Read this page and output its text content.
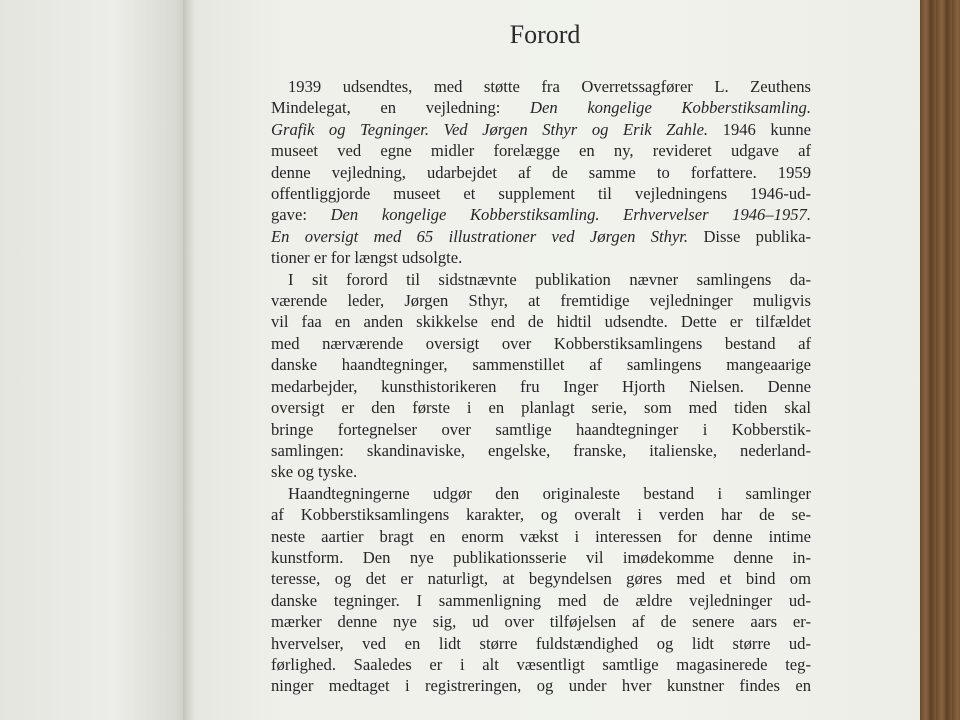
Forord
1939 udsendtes, med støtte fra Overretssagfører L. Zeuthens
Mindelegat, en vejledning: Den kongelige Kobberstiksamling.
Grafik og Tegninger. Ved Jørgen Sthyr og Erik Zahle. 1946 kunne
museet ved egne midler forelægge en ny, revideret udgave af
denne vejledning, udarbejdet af de samme to forfattere. 1959
offentliggjorde museet et supplement til vejledningens 1946-ud-
gave: Den kongelige Kobberstiksamling. Erhvervelser 1946–1957.
En oversigt med 65 illustrationer ved Jørgen Sthyr. Disse publika-
tioner er for længst udsolgte.
I sit forord til sidstnævnte publikation nævner samlingens da-
værende leder, Jørgen Sthyr, at fremtidige vejledninger muligvis
vil faa en anden skikkelse end de hidtil udsendte. Dette er tilfældet
med nærværende oversigt over Kobberstiksamlingens bestand af
danske haandtegninger, sammenstillet af samlingens mangeaarige
medarbejder, kunsthistorikeren fru Inger Hjorth Nielsen. Denne
oversigt er den første i en planlagt serie, som med tiden skal
bringe fortegnelser over samtlige haandtegninger i Kobberstik-
samlingen: skandinaviske, engelske, franske, italienske, nederland-
ske og tyske.
Haandtegningerne udgør den originaleste bestand i samlinger
af Kobberstiksamlingens karakter, og overalt i verden har de se-
neste aartier bragt en enorm vækst i interessen for denne intime
kunstform. Den nye publikationsserie vil imødekomme denne in-
teresse, og det er naturligt, at begyndelsen gøres med et bind om
danske tegninger. I sammenligning med de ældre vejledninger ud-
mærker denne nye sig, ud over tilføjelsen af de senere aars er-
hvervelser, ved en lidt større fuldstændighed og lidt større ud-
førlighed. Saaledes er i alt væsentligt samtlige magasinerede teg-
ninger medtaget i registreringen, og under hver kunstner findes en
